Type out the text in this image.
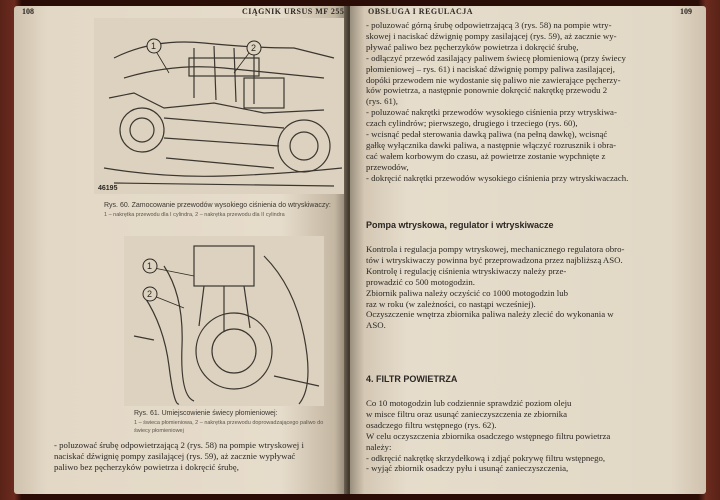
108	CIĄGNIK URSUS MF 255
1	2
46195
Rys. 60. Zamocowanie przewodów wysokiego ciśnienia do wtryskiwaczy:
1 – nakrętka przewodu dla I cylindra, 2 – nakrętka przewodu dla II cylindra
1
2
Rys. 61. Umiejscowienie świecy płomieniowej:
1 – świeca płomieniowa, 2 – nakrętka przewodu doprowadzającego paliwo do świecy płomieniowej

- poluzować śrubę odpowietrzającą 2 (rys. 58) na pompie wtryskowej i

naciskać dźwignię pompy zasilającej (rys. 59), aż zacznie wypływać

paliwo bez pęcherzyków powietrza i dokręcić śrubę,

OBSŁUGA I REGULACJA	109

- poluzować górną śrubę odpowietrzającą 3 (rys. 58) na pompie wtry-

skowej i naciskać dźwignię pompy zasilającej (rys. 59), aż zacznie wy-

pływać paliwo bez pęcherzyków powietrza i dokręcić śrubę,

- odłączyć przewód zasilający paliwem świecę płomieniową (przy świecy

płomieniowej – rys. 61) i naciskać dźwignię pompy paliwa zasilającej,

dopóki przewodem nie wydostanie się paliwo nie zawierające pęcherzy-

ków powietrza, a następnie ponownie dokręcić nakrętkę przewodu 2

(rys. 61),

- poluzować nakrętki przewodów wysokiego ciśnienia przy wtryskiwa-

czach cylindrów; pierwszego, drugiego i trzeciego (rys. 60),

- wcisnąć pedał sterowania dawką paliwa (na pełną dawkę), wcisnąć

gałkę wyłącznika dawki paliwa, a następnie włączyć rozrusznik i obra-

cać wałem korbowym do czasu, aż powietrze zostanie wypchnięte z

przewodów,

- dokręcić nakrętki przewodów wysokiego ciśnienia przy wtryskiwaczach.

Pompa wtryskowa, regulator i wtryskiwacze

Kontrola i regulacja pompy wtryskowej, mechanicznego regulatora obro-

tów i wtryskiwaczy powinna być przeprowadzona przez najbliższą ASO.

Kontrolę i regulację ciśnienia wtryskiwaczy należy prze-

prowadzić co 500 motogodzin.

Zbiornik paliwa należy oczyścić co 1000 motogodzin lub

raz w roku (w zależności, co nastąpi wcześniej).

Oczyszczenie wnętrza zbiornika paliwa należy zlecić do wykonania w

ASO.

4. FILTR POWIETRZA

Co 10 motogodzin lub codziennie sprawdzić poziom oleju

w misce filtru oraz usunąć zanieczyszczenia ze zbiornika

osadczego filtru wstępnego (rys. 62).

W celu oczyszczenia zbiornika osadczego wstępnego filtru powietrza

należy:

- odkręcić nakrętkę skrzydełkową i zdjąć pokrywę filtru wstępnego,

- wyjąć zbiornik osadczy pyłu i usunąć zanieczyszczenia,
